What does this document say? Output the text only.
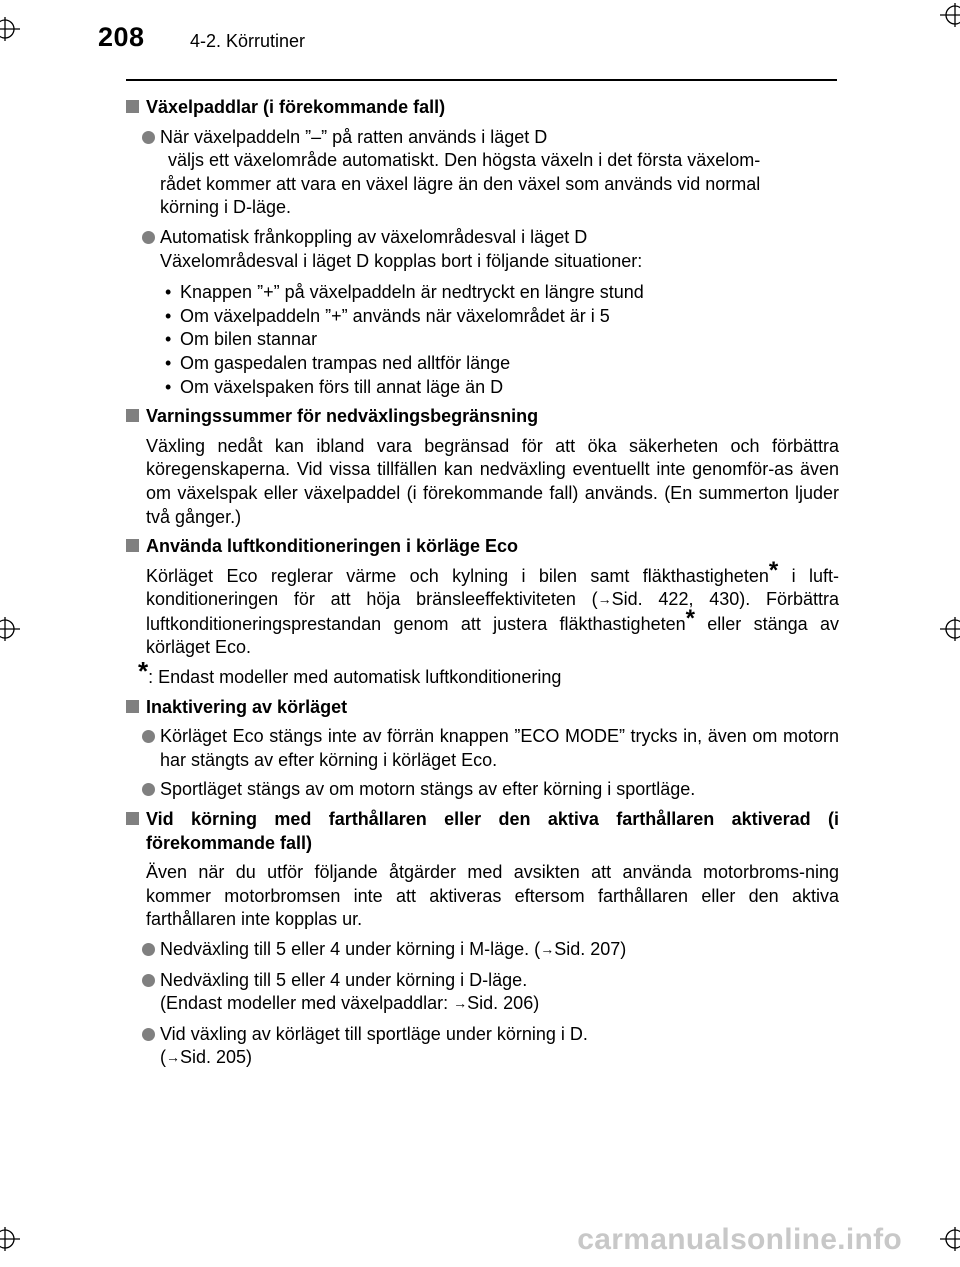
208	4-2. Körrutiner
Växelpaddlar (i förekommande fall)
När växelpaddeln ”–” på ratten används i läget D
väljs ett växelområde automatiskt. Den högsta växeln i det första växelom-
rådet kommer att vara en växel lägre än den växel som används vid normal
körning i D-läge.
Automatisk frånkoppling av växelområdesval i läget D
Växelområdesval i läget D kopplas bort i följande situationer:
• Knappen ”+” på växelpaddeln är nedtryckt en längre stund
• Om växelpaddeln ”+” används när växelområdet är i 5
• Om bilen stannar
• Om gaspedalen trampas ned alltför länge
• Om växelspaken förs till annat läge än D
Varningssummer för nedväxlingsbegränsning
Växling nedåt kan ibland vara begränsad för att öka säkerheten och förbättra köregenskaperna. Vid vissa tillfällen kan nedväxling eventuellt inte genomför-as även om växelspak eller växelpaddel (i förekommande fall) används. (En summerton ljuder två gånger.)
Använda luftkonditioneringen i körläge Eco
Körläget Eco reglerar värme och kylning i bilen samt fläkthastigheten* i luft-konditioneringen för att höja bränsleeffektiviteten (→Sid. 422, 430). Förbättra luftkonditioneringsprestandan genom att justera fläkthastigheten* eller stänga av körläget Eco.
*: Endast modeller med automatisk luftkonditionering
Inaktivering av körläget
Körläget Eco stängs inte av förrän knappen ”ECO MODE” trycks in, även om motorn har stängts av efter körning i körläget Eco.
Sportläget stängs av om motorn stängs av efter körning i sportläge.
Vid körning med farthållaren eller den aktiva farthållaren aktiverad (i förekommande fall)
Även när du utför följande åtgärder med avsikten att använda motorbroms-ning kommer motorbromsen inte att aktiveras eftersom farthållaren eller den aktiva farthållaren inte kopplas ur.
Nedväxling till 5 eller 4 under körning i M-läge. (→Sid. 207)
Nedväxling till 5 eller 4 under körning i D-läge.
(Endast modeller med växelpaddlar: →Sid. 206)
Vid växling av körläget till sportläge under körning i D.
(→Sid. 205)
carmanualsonline.info
